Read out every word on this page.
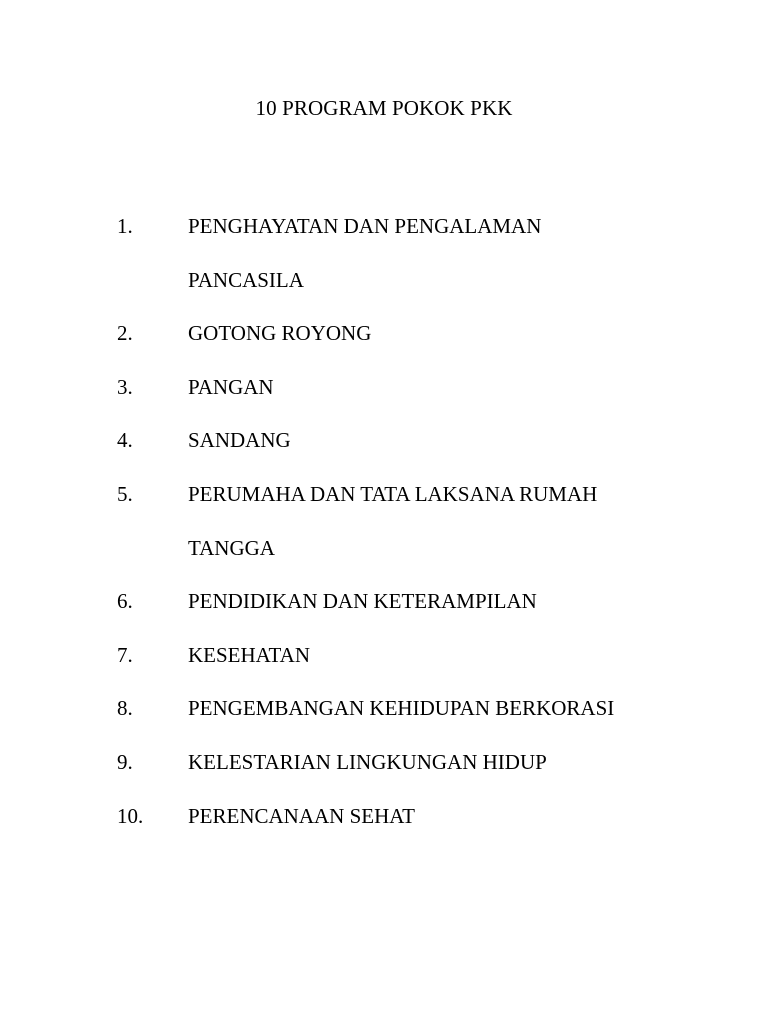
10 PROGRAM POKOK PKK
1.	PENGHAYATAN DAN PENGALAMAN
PANCASILA
2.	GOTONG ROYONG
3.	PANGAN
4.	SANDANG
5.	PERUMAHA DAN TATA LAKSANA RUMAH
TANGGA
6.	PENDIDIKAN DAN KETERAMPILAN
7.	KESEHATAN
8.	PENGEMBANGAN KEHIDUPAN BERKORASI
9.	KELESTARIAN LINGKUNGAN HIDUP
10.	PERENCANAAN SEHAT
